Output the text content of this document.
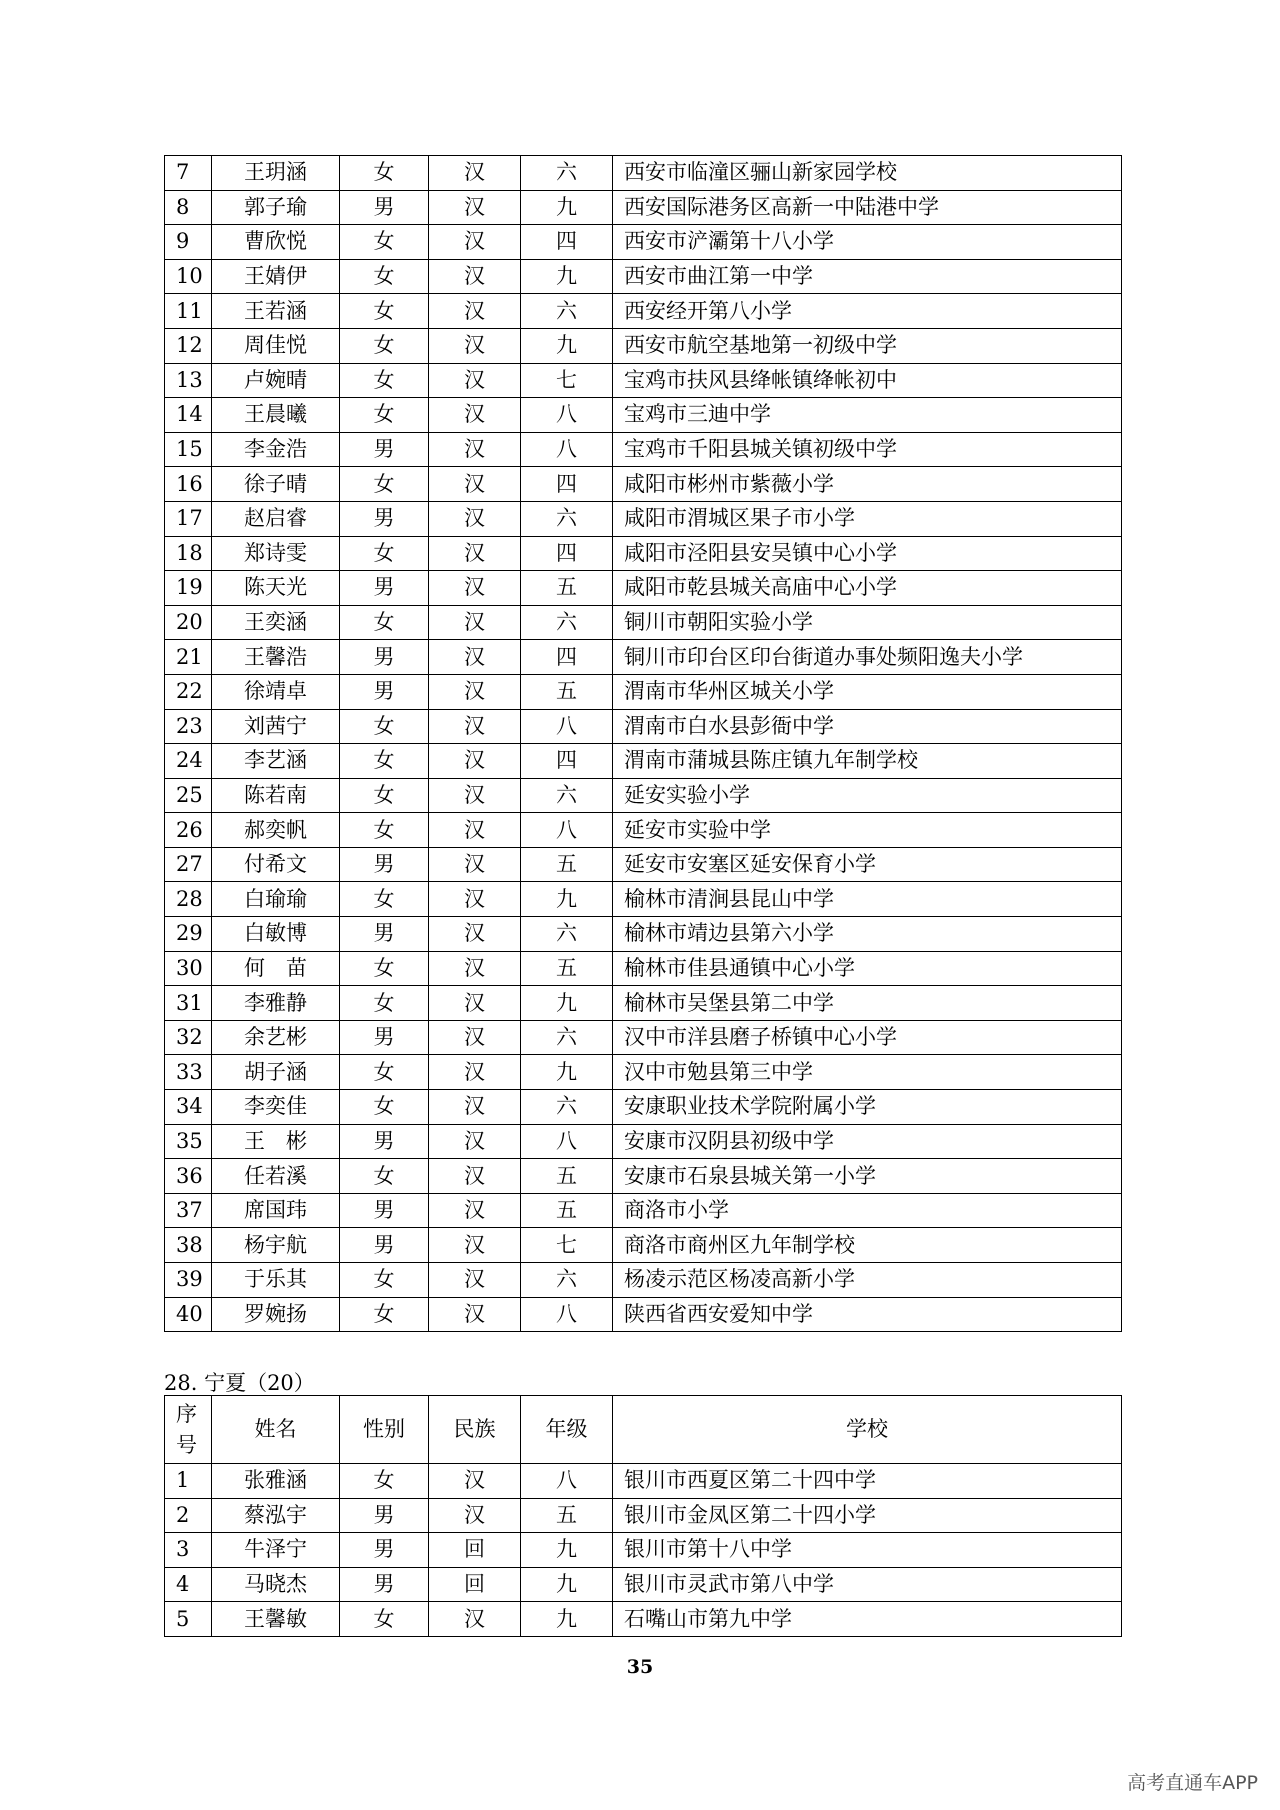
7	王玥涵	女	汉	六	西安市临潼区骊山新家园学校
8	郭子瑜	男	汉	九	西安国际港务区高新一中陆港中学
9	曹欣悦	女	汉	四	西安市浐灞第十八小学
10	王婧伊	女	汉	九	西安市曲江第一中学
11	王若涵	女	汉	六	西安经开第八小学
12	周佳悦	女	汉	九	西安市航空基地第一初级中学
13	卢婉晴	女	汉	七	宝鸡市扶风县绛帐镇绛帐初中
14	王晨曦	女	汉	八	宝鸡市三迪中学
15	李金浩	男	汉	八	宝鸡市千阳县城关镇初级中学
16	徐子晴	女	汉	四	咸阳市彬州市紫薇小学
17	赵启睿	男	汉	六	咸阳市渭城区果子市小学
18	郑诗雯	女	汉	四	咸阳市泾阳县安吴镇中心小学
19	陈天光	男	汉	五	咸阳市乾县城关高庙中心小学
20	王奕涵	女	汉	六	铜川市朝阳实验小学
21	王馨浩	男	汉	四	铜川市印台区印台街道办事处频阳逸夫小学
22	徐靖卓	男	汉	五	渭南市华州区城关小学
23	刘茜宁	女	汉	八	渭南市白水县彭衙中学
24	李艺涵	女	汉	四	渭南市蒲城县陈庄镇九年制学校
25	陈若南	女	汉	六	延安实验小学
26	郝奕帆	女	汉	八	延安市实验中学
27	付希文	男	汉	五	延安市安塞区延安保育小学
28	白瑜瑜	女	汉	九	榆林市清涧县昆山中学
29	白敏博	男	汉	六	榆林市靖边县第六小学
30	何　苗	女	汉	五	榆林市佳县通镇中心小学
31	李雅静	女	汉	九	榆林市吴堡县第二中学
32	余艺彬	男	汉	六	汉中市洋县磨子桥镇中心小学
33	胡子涵	女	汉	九	汉中市勉县第三中学
34	李奕佳	女	汉	六	安康职业技术学院附属小学
35	王　彬	男	汉	八	安康市汉阴县初级中学
36	任若溪	女	汉	五	安康市石泉县城关第一小学
37	席国玮	男	汉	五	商洛市小学
38	杨宇航	男	汉	七	商洛市商州区九年制学校
39	于乐其	女	汉	六	杨凌示范区杨凌高新小学
40	罗婉扬	女	汉	八	陕西省西安爱知中学
28. 宁夏（20）
序号	姓名	性别	民族	年级	学校
1	张雅涵	女	汉	八	银川市西夏区第二十四中学
2	蔡泓宇	男	汉	五	银川市金凤区第二十四小学
3	牛泽宁	男	回	九	银川市第十八中学
4	马晓杰	男	回	九	银川市灵武市第八中学
5	王馨敏	女	汉	九	石嘴山市第九中学
35
高考直通车APP
